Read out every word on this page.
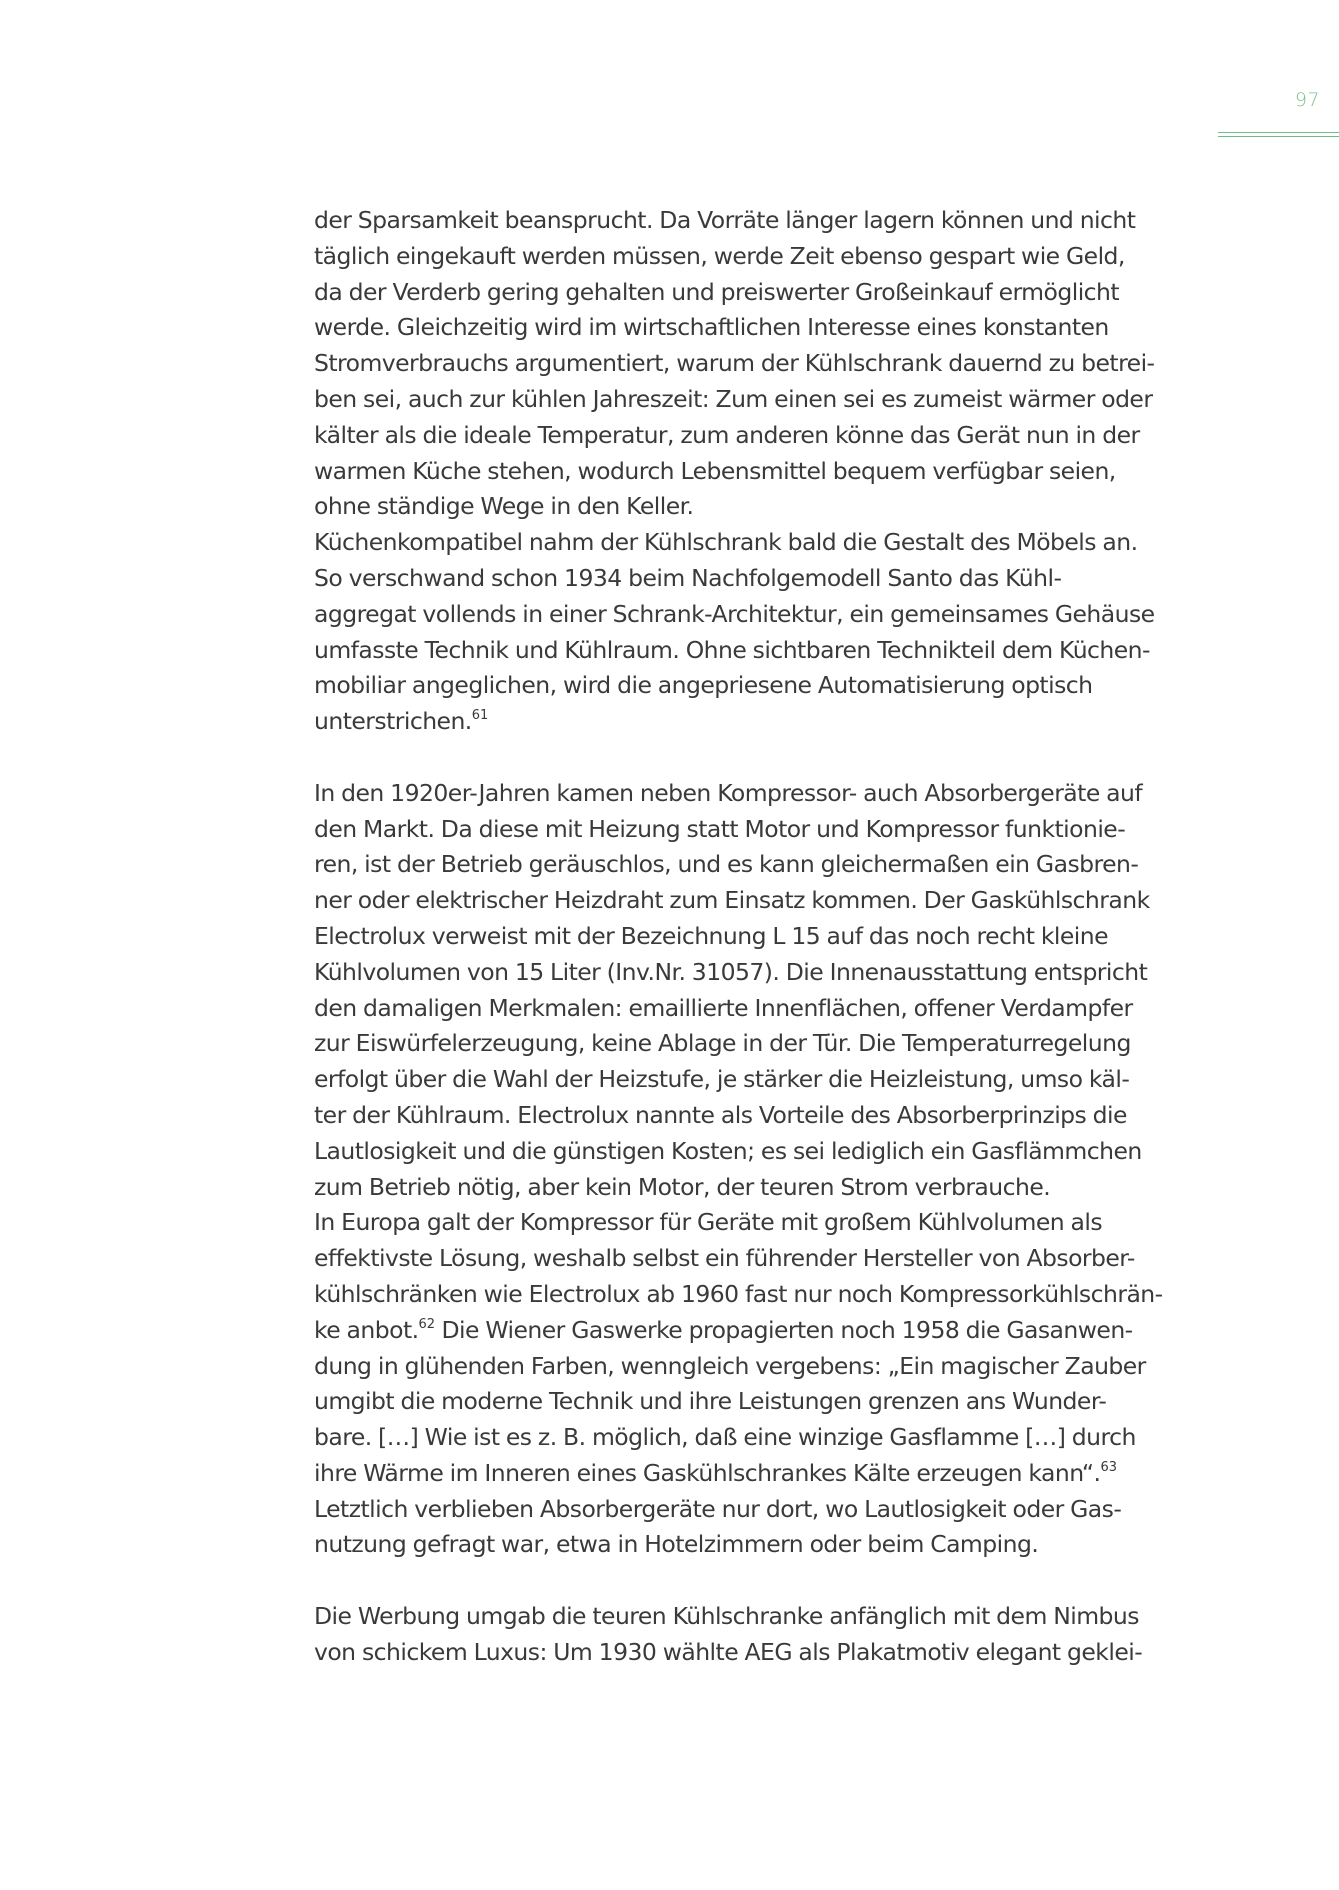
97
der Sparsamkeit beansprucht. Da Vorräte länger lagern können und nicht
täglich eingekauft werden müssen, werde Zeit ebenso gespart wie Geld,
da der Verderb gering gehalten und preiswerter Großeinkauf ermöglicht
werde. Gleichzeitig wird im wirtschaftlichen Interesse eines konstanten
Stromverbrauchs argumentiert, warum der Kühlschrank dauernd zu betrei-
ben sei, auch zur kühlen Jahreszeit: Zum einen sei es zumeist wärmer oder
kälter als die ideale Temperatur, zum anderen könne das Gerät nun in der
warmen Küche stehen, wodurch Lebensmittel bequem verfügbar seien,
ohne ständige Wege in den Keller.
Küchenkompatibel nahm der Kühlschrank bald die Gestalt des Möbels an.
So verschwand schon 1934 beim Nachfolgemodell Santo das Kühl-
aggregat vollends in einer Schrank-Architektur, ein gemeinsames Gehäuse
umfasste Technik und Kühlraum. Ohne sichtbaren Technikteil dem Küchen-
mobiliar angeglichen, wird die angepriesene Automatisierung optisch
unterstrichen.$^{61}$
In den 1920er-Jahren kamen neben Kompressor- auch Absorbergeräte auf
den Markt. Da diese mit Heizung statt Motor und Kompressor funktionie-
ren, ist der Betrieb geräuschlos, und es kann gleichermaßen ein Gasbren-
ner oder elektrischer Heizdraht zum Einsatz kommen. Der Gaskühlschrank
Electrolux verweist mit der Bezeichnung L 15 auf das noch recht kleine
Kühlvolumen von 15 Liter (Inv.Nr. 31057). Die Innenausstattung entspricht
den damaligen Merkmalen: emaillierte Innenflächen, offener Verdampfer
zur Eiswürfelerzeugung, keine Ablage in der Tür. Die Temperaturregelung
erfolgt über die Wahl der Heizstufe, je stärker die Heizleistung, umso käl-
ter der Kühlraum. Electrolux nannte als Vorteile des Absorberprinzips die
Lautlosigkeit und die günstigen Kosten; es sei lediglich ein Gasflämmchen
zum Betrieb nötig, aber kein Motor, der teuren Strom verbrauche.
In Europa galt der Kompressor für Geräte mit großem Kühlvolumen als
effektivste Lösung, weshalb selbst ein führender Hersteller von Absorber-
kühlschränken wie Electrolux ab 1960 fast nur noch Kompressorkühlschrän-
ke anbot.$^{62}$ Die Wiener Gaswerke propagierten noch 1958 die Gasanwen-
dung in glühenden Farben, wenngleich vergebens: „Ein magischer Zauber
umgibt die moderne Technik und ihre Leistungen grenzen ans Wunder-
bare. […] Wie ist es z. B. möglich, daß eine winzige Gasflamme […] durch
ihre Wärme im Inneren eines Gaskühlschrankes Kälte erzeugen kann“.$^{63}$
Letztlich verblieben Absorbergeräte nur dort, wo Lautlosigkeit oder Gas-
nutzung gefragt war, etwa in Hotelzimmern oder beim Camping.
Die Werbung umgab die teuren Kühlschranke anfänglich mit dem Nimbus
von schickem Luxus: Um 1930 wählte AEG als Plakatmotiv elegant geklei-
